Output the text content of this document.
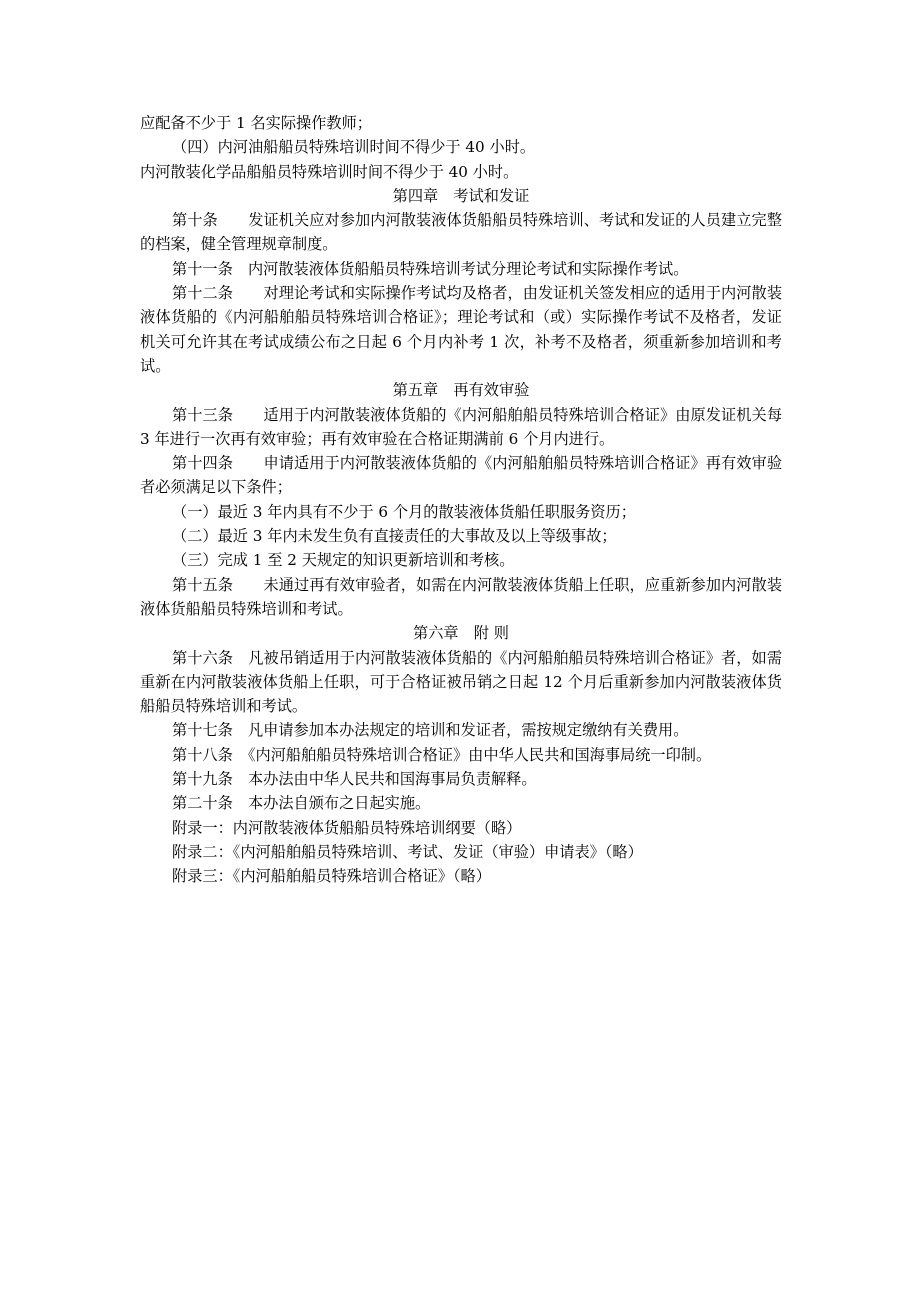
应配备不少于 1 名实际操作教师；

（四）内河油船船员特殊培训时间不得少于 40 小时。

内河散装化学品船船员特殊培训时间不得少于 40 小时。

第四章　考试和发证

第十条　　发证机关应对参加内河散装液体货船船员特殊培训、考试和发证的人员建立完整的档案，健全管理规章制度。

第十一条　内河散装液体货船船员特殊培训考试分理论考试和实际操作考试。

第十二条　　对理论考试和实际操作考试均及格者，由发证机关签发相应的适用于内河散装液体货船的《内河船舶船员特殊培训合格证》；理论考试和（或）实际操作考试不及格者，发证机关可允许其在考试成绩公布之日起 6 个月内补考 1 次，补考不及格者，须重新参加培训和考试。

第五章　再有效审验

第十三条　　适用于内河散装液体货船的《内河船舶船员特殊培训合格证》由原发证机关每 3 年进行一次再有效审验；再有效审验在合格证期满前 6 个月内进行。

第十四条　　申请适用于内河散装液体货船的《内河船舶船员特殊培训合格证》再有效审验者必须满足以下条件；

（一）最近 3 年内具有不少于 6 个月的散装液体货船任职服务资历；

（二）最近 3 年内未发生负有直接责任的大事故及以上等级事故；

（三）完成 1 至 2 天规定的知识更新培训和考核。

第十五条　　未通过再有效审验者，如需在内河散装液体货船上任职，应重新参加内河散装液体货船船员特殊培训和考试。

第六章　附 则

第十六条　凡被吊销适用于内河散装液体货船的《内河船舶船员特殊培训合格证》者，如需重新在内河散装液体货船上任职，可于合格证被吊销之日起 12 个月后重新参加内河散装液体货船船员特殊培训和考试。

第十七条　凡申请参加本办法规定的培训和发证者，需按规定缴纳有关费用。

第十八条　《内河船舶船员特殊培训合格证》由中华人民共和国海事局统一印制。

第十九条　本办法由中华人民共和国海事局负责解释。

第二十条　本办法自颁布之日起实施。

附录一：内河散装液体货船船员特殊培训纲要（略）

附录二：《内河船舶船员特殊培训、考试、发证（审验）申请表》（略）

附录三：《内河船舶船员特殊培训合格证》（略）
